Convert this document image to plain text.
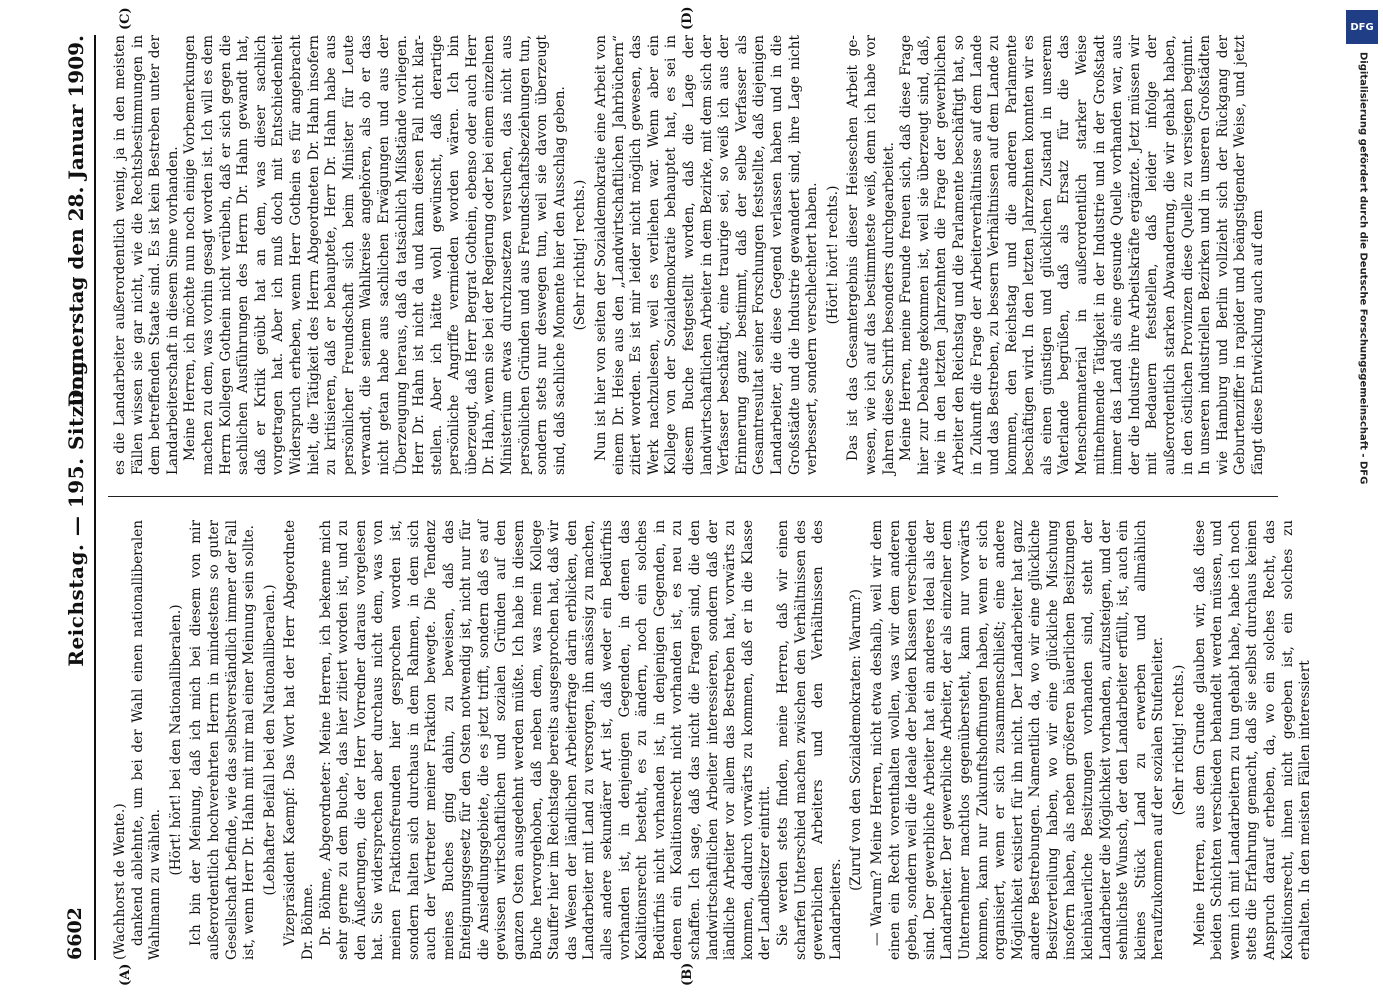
6602
Reichstag. — 195. Sitzung.
Donnerstag den 28. Januar 1909.
(A)	(B)
(C)	(D)

(Wachhorst de Wente.) dankend ablehnte, um bei der Wahl einen nationalliberalen Wahlmann zu wählen.

(Hört! hört! bei den Nationalliberalen.) Ich bin der Meinung, daß ich mich bei diesem von mir außerordentlich hochverehrten Herrn in mindestens so guter Gesellschaft befinde, wie das selbstverständlich immer der Fall ist, wenn Herr Dr. Hahn mit mir mal einer Meinung sein sollte. (Lebhafter Beifall bei den Nationalliberalen.) Vizepräsident Kaempf: Das Wort hat der Herr Abgeordnete Dr. Böhme. Dr. Böhme, Abgeordneter: Meine Herren, ich bekenne mich sehr gerne zu dem Buche, das hier zitiert worden ist, und zu den Äußerungen, die der Herr Vorredner daraus vorgelesen hat. Sie widersprechen aber durchaus nicht dem, was von meinen Fraktionsfreunden hier gesprochen worden ist, sondern halten sich durchaus in dem Rahmen, in dem sich auch der Vertreter meiner Fraktion bewegte. Die Tendenz meines Buches ging dahin, zu beweisen, daß das Enteignungsgesetz für den Osten notwendig ist, nicht nur für die Ansiedlungsgebiete, die es jetzt trifft, sondern daß es auf gewissen wirtschaftlichen und sozialen Gründen auf den ganzen Osten ausgedehnt werden müßte. Ich habe in diesem Buche hervorgehoben, daß neben dem, was mein Kollege Stauffer hier im Reichstage bereits ausgesprochen hat, daß wir das Wesen der ländlichen Arbeiterfrage darin erblicken, den Landarbeiter mit Land zu versorgen, ihn ansässig zu machen, alles andere sekundärer Art ist, daß weder ein Bedürfnis vorhanden ist, in denjenigen Gegenden, in denen das Koalitionsrecht besteht, es zu ändern, noch ein solches Bedürfnis nicht vorhanden ist, in denjenigen Gegenden, in denen ein Koalitionsrecht nicht vorhanden ist, es neu zu schaffen. Ich sage, daß das nicht die Fragen sind, die den landwirtschaftlichen Arbeiter interessieren, sondern daß der ländliche Arbeiter vor allem das Bestreben hat, vorwärts zu kommen, dadurch vorwärts zu kommen, daß er in die Klasse der Landbesitzer eintritt. Sie werden stets finden, meine Herren, daß wir einen scharfen Unterschied machen zwischen den Verhältnissen des gewerblichen Arbeiters und den Verhältnissen des Landarbeiters.

(Zuruf von den Sozialdemokraten: Warum?) — Warum? Meine Herren, nicht etwa deshalb, weil wir dem einen ein Recht vorenthalten wollen, was wir dem anderen geben, sondern weil die Ideale der beiden Klassen verschieden sind. Der gewerbliche Arbeiter hat ein anderes Ideal als der Landarbeiter. Der gewerbliche Arbeiter, der als einzelner dem Unternehmer machtlos gegenübersteht, kann nur vorwärts kommen, kann nur Zukunftshoffnungen haben, wenn er sich organisiert, wenn er sich zusammenschließt; eine andere Möglichkeit existiert für ihn nicht. Der Landarbeiter hat ganz andere Bestrebungen. Namentlich da, wo wir eine glückliche Besitzverteilung haben, wo wir eine glückliche Mischung insofern haben, als neben größeren bäuerlichen Besitzungen kleinbäuerliche Besitzungen vorhanden sind, steht der Landarbeiter die Möglichkeit vorhanden, aufzusteigen, und der sehnlichste Wunsch, der den Landarbeiter erfüllt, ist, auch ein kleines Stück Land zu erwerben und allmählich heraufzukommen auf der sozialen Stufenleiter. (Sehr richtig! rechts.) Meine Herren, aus dem Grunde glauben wir, daß diese beiden Schichten verschieden behandelt werden müssen, und wenn ich mit Landarbeitern zu tun gehabt habe, habe ich noch stets die Erfahrung gemacht, daß sie selbst durchaus keinen Anspruch darauf erheben, da, wo ein solches Recht, das Koalitionsrecht, ihnen nicht gegeben ist, ein solches zu erhalten. In den meisten Fällen interessiert

es die Landarbeiter außerordentlich wenig, ja in den meisten Fällen wissen sie gar nicht, wie die Rechtsbestimmungen in dem betreffenden Staate sind. Es ist kein Bestreben unter der Landarbeiterschaft in diesem Sinne vorhanden. Meine Herren, ich möchte nun noch einige Vorbemerkungen machen zu dem, was vorhin gesagt worden ist. Ich will es dem Herrn Kollegen Gothein nicht verübeln, daß er sich gegen die sachlichen Ausführungen des Herrn Dr. Hahn gewandt hat, daß er Kritik geübt hat an dem, was dieser sachlich vorgetragen hat. Aber ich muß doch mit Entschiedenheit Widerspruch erheben, wenn Herr Gothein es für angebracht hielt, die Tätigkeit des Herrn Abgeordneten Dr. Hahn insofern zu kritisieren, daß er behauptete, Herr Dr. Hahn habe aus persönlicher Freundschaft sich beim Minister für Leute verwandt, die seinem Wahlkreise angehören, als ob er das nicht getan habe aus sachlichen Erwägungen und aus der Überzeugung heraus, daß da tatsächlich Mißstände vorliegen. Herr Dr. Hahn ist nicht da und kann diesen Fall nicht klarstellen. Aber ich hätte wohl gewünscht, daß derartige persönliche Angriffe vermieden worden wären. Ich bin überzeugt, daß Herr Bergrat Gothein, ebenso oder auch Herr Dr. Hahn, wenn sie bei der Regierung oder bei einem einzelnen Ministerium etwas durchzusetzen versuchen, das nicht aus persönlichen Gründen und aus Freundschaftsbeziehungen tun, sondern stets nur deswegen tun, weil sie davon überzeugt sind, daß sachliche Momente hier den Ausschlag geben. (Sehr richtig! rechts.) Nun ist hier von seiten der Sozialdemokratie eine Arbeit von einem Dr. Heise aus den „Landwirtschaftlichen Jahrbüchern“ zitiert worden. Es ist mir leider nicht möglich gewesen, das Werk nachzulesen, weil es verliehen war. Wenn aber ein Kollege von der Sozialdemokratie behauptet hat, es sei in diesem Buche festgestellt worden, daß die Lage der landwirtschaftlichen Arbeiter in dem Bezirke, mit dem sich der Verfasser beschäftigt, eine traurige sei, so weiß ich aus der Erinnerung ganz bestimmt, daß der selbe Verfasser als Gesamtresultat seiner Forschungen feststellte, daß diejenigen Landarbeiter, die diese Gegend verlassen haben und in die Großstädte und die Industrie gewandert sind, ihre Lage nicht verbessert, sondern verschlechtert haben. (Hört! hört! rechts.) Das ist das Gesamtergebnis dieser Heiseschen Arbeit gewesen, wie ich auf das bestimmteste weiß, denn ich habe vor Jahren diese Schrift besonders durchgearbeitet. Meine Herren, meine Freunde freuen sich, daß diese Frage hier zur Debatte gekommen ist, weil sie überzeugt sind, daß, wie in den letzten Jahrzehnten die Frage der gewerblichen Arbeiter den Reichstag und die Parlamente beschäftigt hat, so in Zukunft die Frage der Arbeiterverhältnisse auf dem Lande und das Bestreben, zu bessern Verhältnissen auf dem Lande zu kommen, den Reichstag und die anderen Parlamente beschäftigen wird. In den letzten Jahrzehnten konnten wir es als einen günstigen und glücklichen Zustand in unserem Vaterlande begrüßen, daß als Ersatz für die das Menschenmaterial in außerordentlich starker Weise mitnehmende Tätigkeit in der Industrie und in der Großstadt immer das Land als eine gesunde Quelle vorhanden war, aus der die Industrie ihre Arbeitskräfte ergänzte. Jetzt müssen wir mit Bedauern feststellen, daß leider infolge der außerordentlich starken Abwanderung, die wir gehabt haben, in den östlichen Provinzen diese Quelle zu versiegen beginnt. In unseren industriellen Bezirken und in unseren Großstädten wie Hamburg und Berlin vollzieht sich der Rückgang der Geburtenziffer in rapider und beängstigender Weise, und jetzt fängt diese Entwicklung auch auf dem

DFG
Digitalisierung gefördert durch die Deutsche Forschungsgemeinschaft - DFG
